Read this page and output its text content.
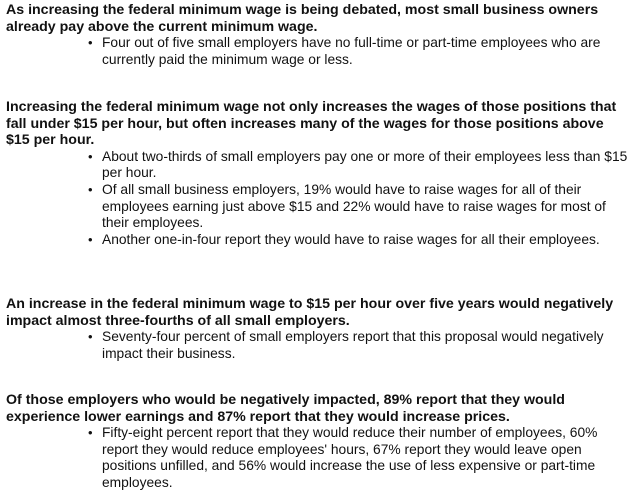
As increasing the federal minimum wage is being debated, most small business owners already pay above the current minimum wage.

• Four out of five small employers have no full-time or part-time employees who are currently paid the minimum wage or less.

Increasing the federal minimum wage not only increases the wages of those positions that fall under $15 per hour, but often increases many of the wages for those positions above $15 per hour.

• About two-thirds of small employers pay one or more of their employees less than $15 per hour.
• Of all small business employers, 19% would have to raise wages for all of their employees earning just above $15 and 22% would have to raise wages for most of their employees.
• Another one-in-four report they would have to raise wages for all their employees.

An increase in the federal minimum wage to $15 per hour over five years would negatively impact almost three-fourths of all small employers.

• Seventy-four percent of small employers report that this proposal would negatively impact their business.

Of those employers who would be negatively impacted, 89% report that they would experience lower earnings and 87% report that they would increase prices.

• Fifty-eight percent report that they would reduce their number of employees, 60% report they would reduce employees' hours, 67% report they would leave open positions unfilled, and 56% would increase the use of less expensive or part-time employees.
